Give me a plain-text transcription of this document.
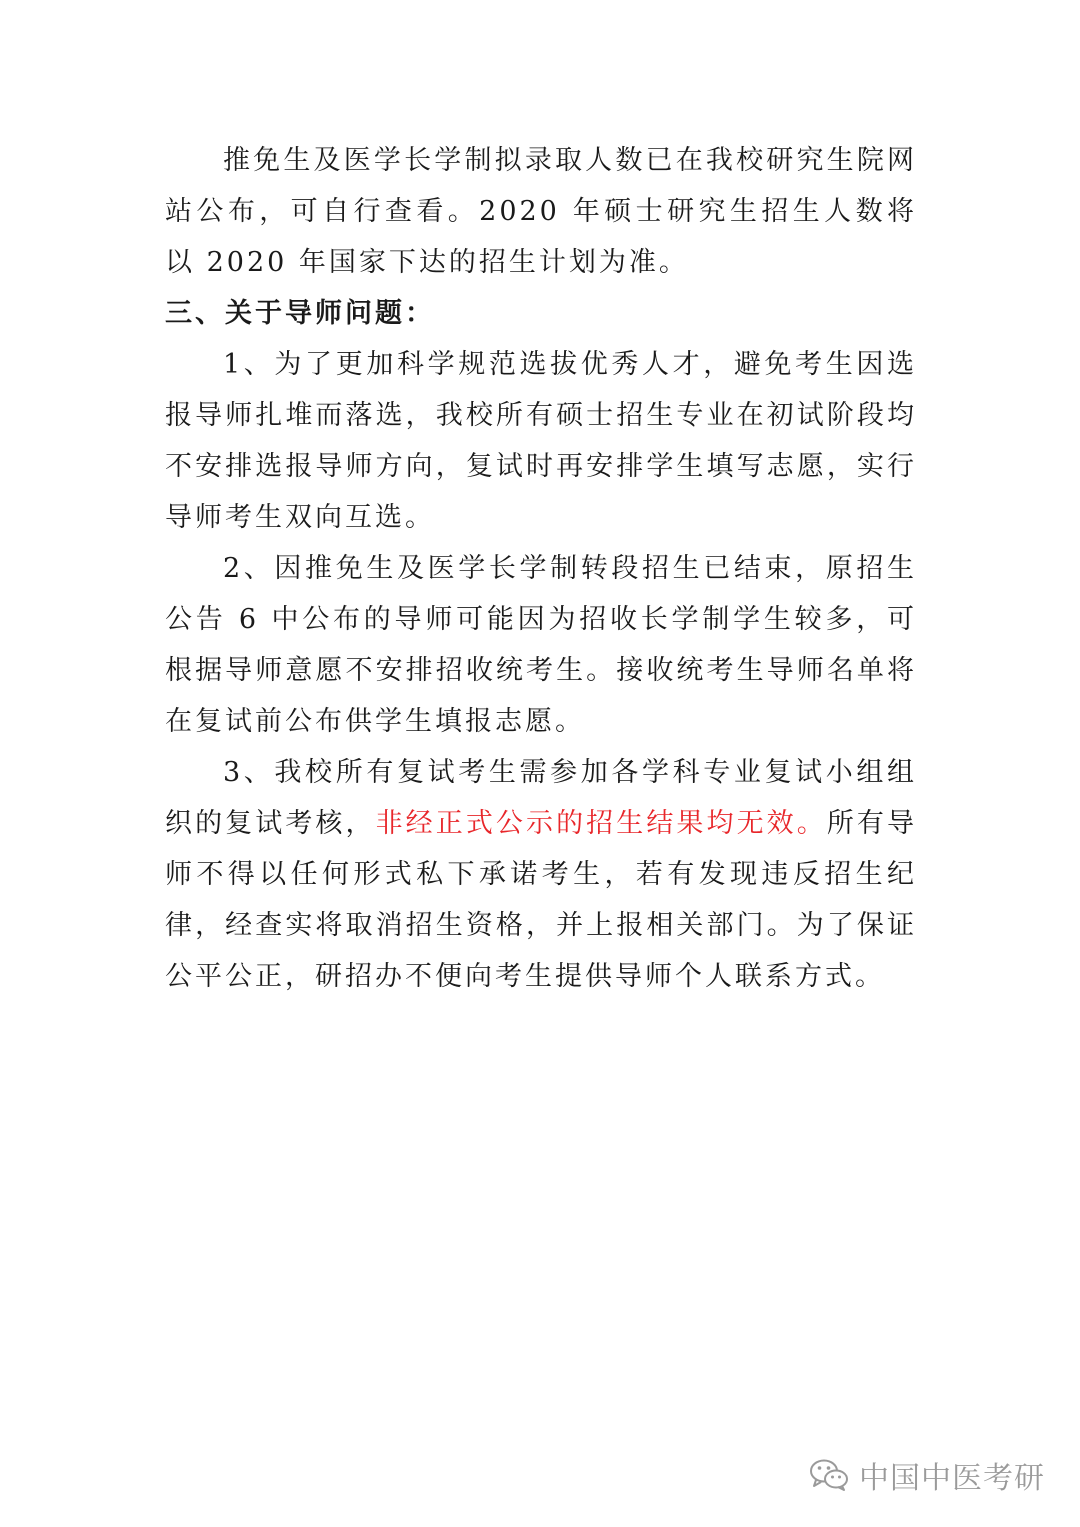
推免生及医学长学制拟录取人数已在我校研究生院网站公布，可自行查看。2020 年硕士研究生招生人数将以 2020 年国家下达的招生计划为准。

三、关于导师问题：

1、为了更加科学规范选拔优秀人才，避免考生因选报导师扎堆而落选，我校所有硕士招生专业在初试阶段均不安排选报导师方向，复试时再安排学生填写志愿，实行导师考生双向互选。

2、因推免生及医学长学制转段招生已结束，原招生公告 6 中公布的导师可能因为招收长学制学生较多，可根据导师意愿不安排招收统考生。接收统考生导师名单将在复试前公布供学生填报志愿。

3、我校所有复试考生需参加各学科专业复试小组组织的复试考核，非经正式公示的招生结果均无效。所有导师不得以任何形式私下承诺考生，若有发现违反招生纪律，经查实将取消招生资格，并上报相关部门。为了保证公平公正，研招办不便向考生提供导师个人联系方式。

中国中医考研
